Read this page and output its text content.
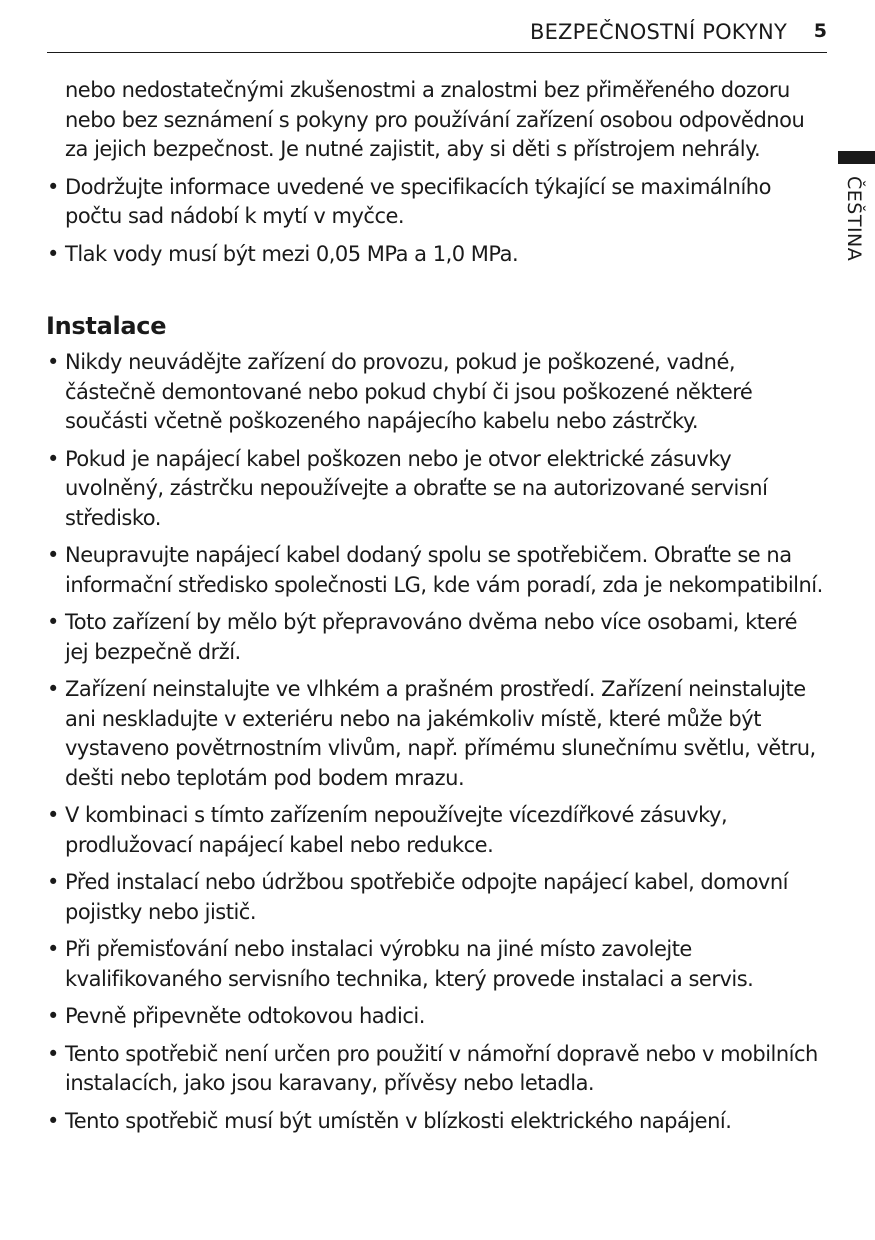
BEZPEČNOSTNÍ POKYNY 5
ČEŠTINA

nebo nedostatečnými zkušenostmi a znalostmi bez přiměřeného dozoru nebo bez seznámení s pokyny pro používání zařízení osobou odpovědnou za jejich bezpečnost. Je nutné zajistit, aby si děti s přístrojem nehrály.

• Dodržujte informace uvedené ve specifikacích týkající se maximálního počtu sad nádobí k mytí v myčce.
• Tlak vody musí být mezi 0,05 MPa a 1,0 MPa.
Instalace
• Nikdy neuvádějte zařízení do provozu, pokud je poškozené, vadné, částečně demontované nebo pokud chybí či jsou poškozené některé součásti včetně poškozeného napájecího kabelu nebo zástrčky.
• Pokud je napájecí kabel poškozen nebo je otvor elektrické zásuvky uvolněný, zástrčku nepoužívejte a obraťte se na autorizované servisní středisko.
• Neupravujte napájecí kabel dodaný spolu se spotřebičem. Obraťte se na informační středisko společnosti LG, kde vám poradí, zda je nekompatibilní.
• Toto zařízení by mělo být přepravováno dvěma nebo více osobami, které jej bezpečně drží.
• Zařízení neinstalujte ve vlhkém a prašném prostředí. Zařízení neinstalujte ani neskladujte v exteriéru nebo na jakémkoliv místě, které může být vystaveno povětrnostním vlivům, např. přímému slunečnímu světlu, větru, dešti nebo teplotám pod bodem mrazu.
• V kombinaci s tímto zařízením nepoužívejte vícezdířkové zásuvky, prodlužovací napájecí kabel nebo redukce.
• Před instalací nebo údržbou spotřebiče odpojte napájecí kabel, domovní pojistky nebo jistič.
• Při přemisťování nebo instalaci výrobku na jiné místo zavolejte kvalifikovaného servisního technika, který provede instalaci a servis.
• Pevně připevněte odtokovou hadici.
• Tento spotřebič není určen pro použití v námořní dopravě nebo v mobilních instalacích, jako jsou karavany, přívěsy nebo letadla.
• Tento spotřebič musí být umístěn v blízkosti elektrického napájení.
